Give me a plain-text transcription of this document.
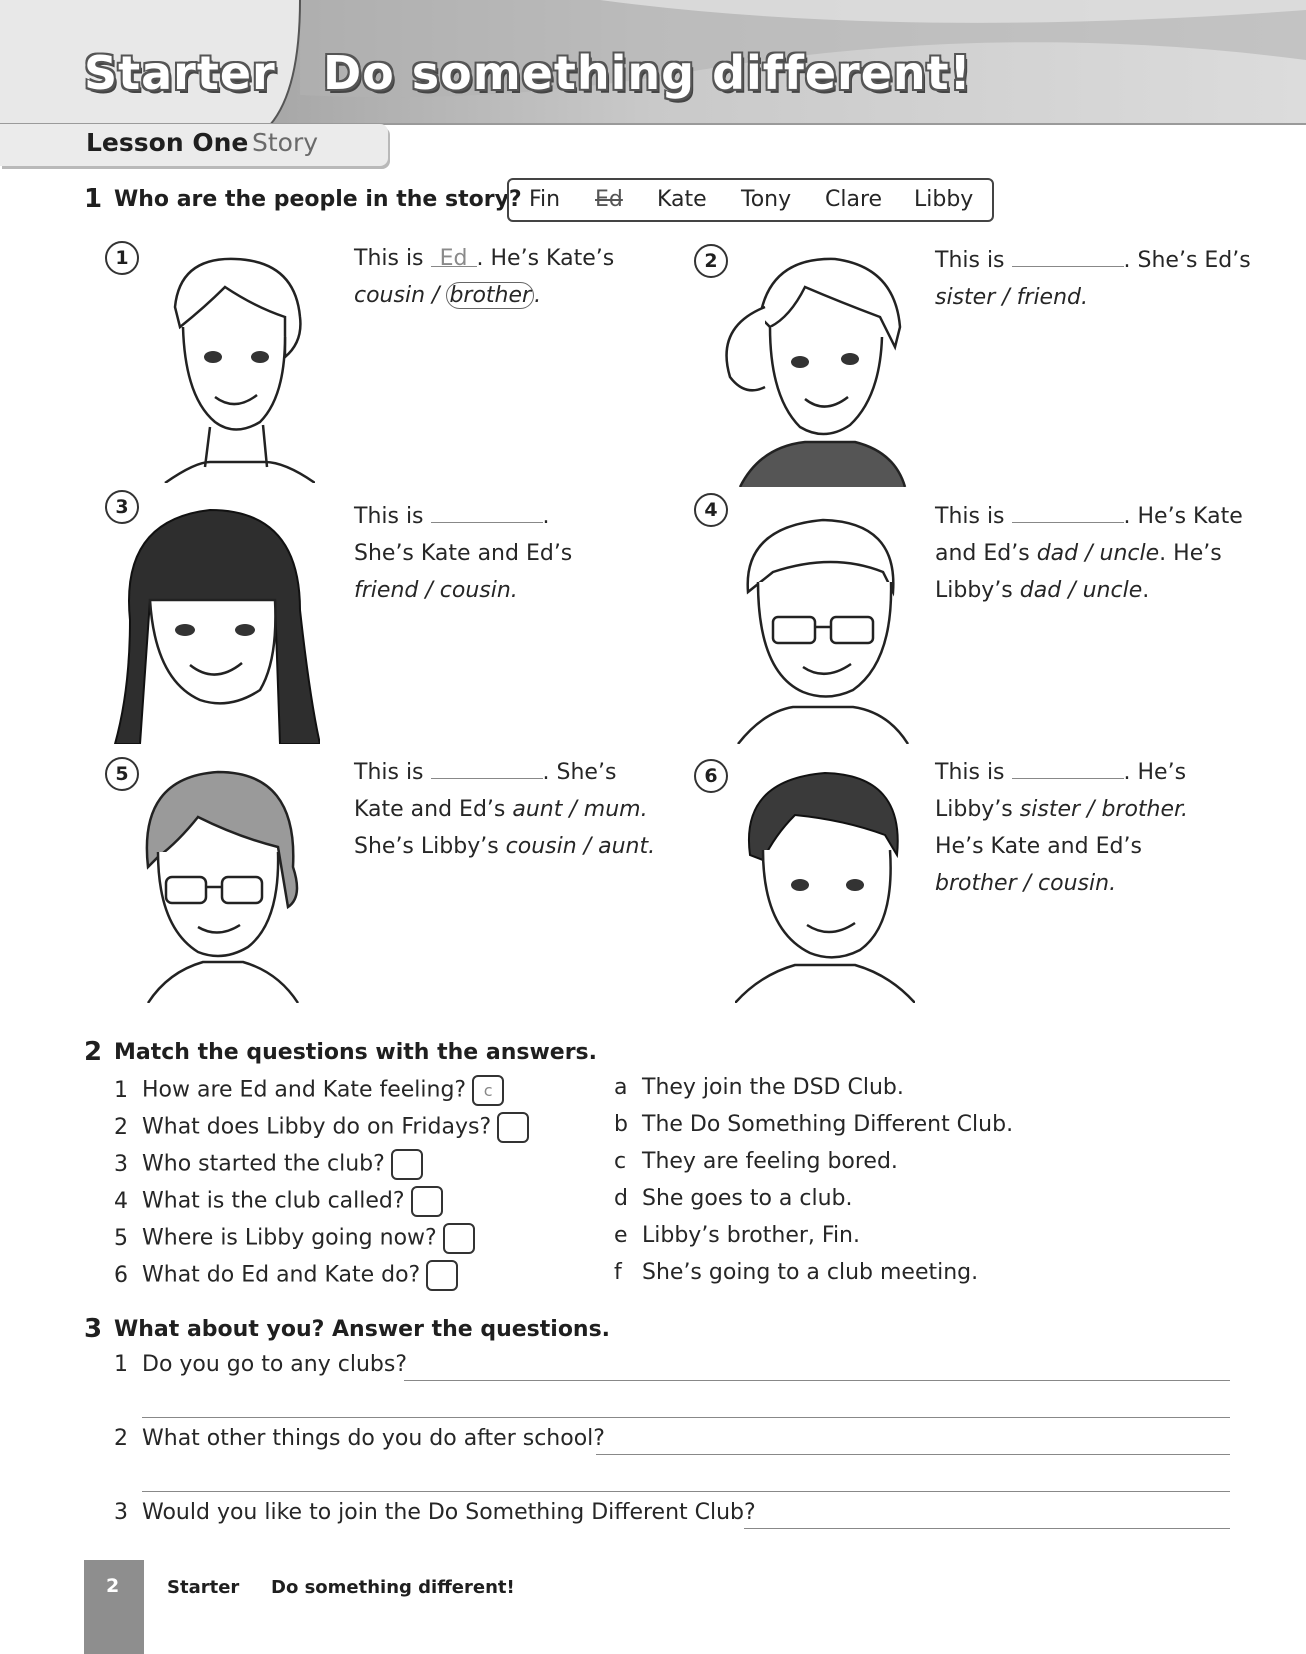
Starter Do something different!
Lesson One Story
1 Who are the people in the story? Fin Ed Kate Tony Clare Libby
1	This is Ed . He’s Kate’s
cousin / brother .
2	This is	. She’s Ed’s
sister / friend.
3	This is	.
She’s Kate and Ed’s
friend / cousin.
4	This is	. He’s Kate
and Ed’s dad / uncle. He’s
Libby’s dad / uncle.
5	This is	. She’s
Kate and Ed’s aunt / mum.
She’s Libby’s cousin / aunt.
6	This is	. He’s
Libby’s sister / brother.
He’s Kate and Ed’s
brother / cousin.
2 Match the questions with the answers.
1 How are Ed and Kate feeling? c
2 What does Libby do on Fridays?
3 Who started the club?
4 What is the club called?
5 Where is Libby going now?
6 What do Ed and Kate do?
a They join the DSD Club.
b The Do Something Different Club.
c They are feeling bored.
d She goes to a club.
e Libby’s brother, Fin.
f She’s going to a club meeting.
3 What about you? Answer the questions.
1 Do you go to any clubs?
2 What other things do you do after school?
3 Would you like to join the Do Something Different Club?
2	Starter Do something different!
